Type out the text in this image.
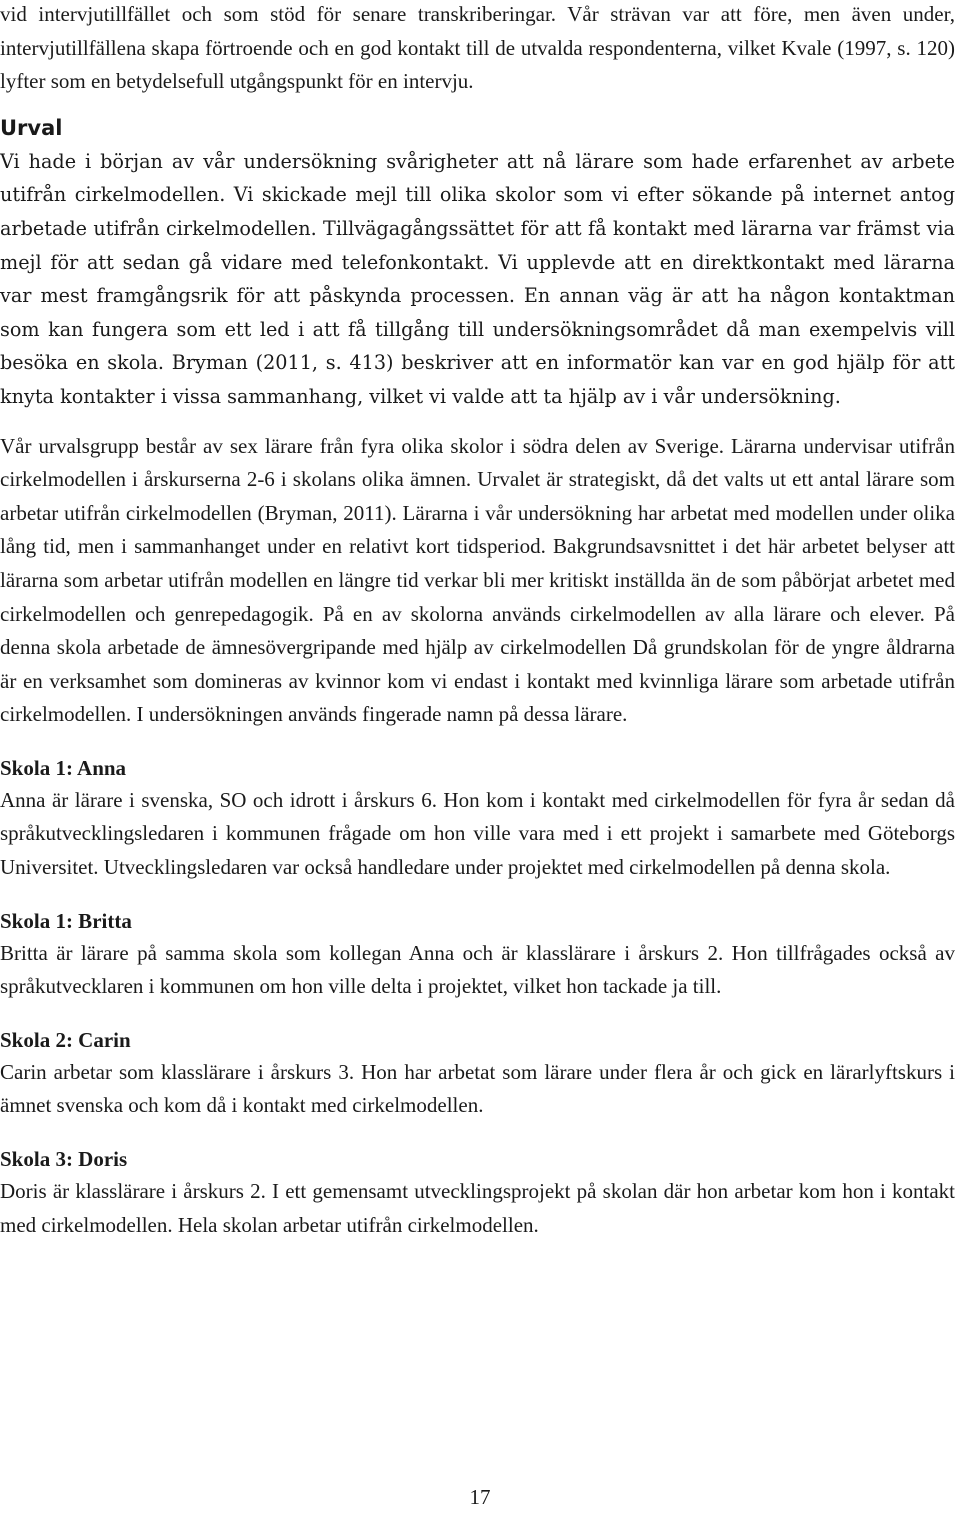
vid intervjutillfället och som stöd för senare transkriberingar. Vår strävan var att före, men även under, intervjutillfällena skapa förtroende och en god kontakt till de utvalda respondenterna, vilket Kvale (1997, s. 120) lyfter som en betydelsefull utgångspunkt för en intervju.

Urval

Vi hade i början av vår undersökning svårigheter att nå lärare som hade erfarenhet av arbete utifrån cirkelmodellen. Vi skickade mejl till olika skolor som vi efter sökande på internet antog arbetade utifrån cirkelmodellen. Tillvägagångssättet för att få kontakt med lärarna var främst via mejl för att sedan gå vidare med telefonkontakt. Vi upplevde att en direktkontakt med lärarna var mest framgångsrik för att påskynda processen. En annan väg är att ha någon kontaktman som kan fungera som ett led i att få tillgång till undersökningsområdet då man exempelvis vill besöka en skola. Bryman (2011, s. 413) beskriver att en informatör kan var en god hjälp för att knyta kontakter i vissa sammanhang, vilket vi valde att ta hjälp av i vår undersökning.

Vår urvalsgrupp består av sex lärare från fyra olika skolor i södra delen av Sverige. Lärarna undervisar utifrån cirkelmodellen i årskurserna 2-6 i skolans olika ämnen. Urvalet är strategiskt, då det valts ut ett antal lärare som arbetar utifrån cirkelmodellen (Bryman, 2011). Lärarna i vår undersökning har arbetat med modellen under olika lång tid, men i sammanhanget under en relativt kort tidsperiod. Bakgrundsavsnittet i det här arbetet belyser att lärarna som arbetar utifrån modellen en längre tid verkar bli mer kritiskt inställda än de som påbörjat arbetet med cirkelmodellen och genrepedagogik. På en av skolorna används cirkelmodellen av alla lärare och elever. På denna skola arbetade de ämnesövergripande med hjälp av cirkelmodellen Då grundskolan för de yngre åldrarna är en verksamhet som domineras av kvinnor kom vi endast i kontakt med kvinnliga lärare som arbetade utifrån cirkelmodellen. I undersökningen används fingerade namn på dessa lärare.

Skola 1: Anna

Anna är lärare i svenska, SO och idrott i årskurs 6. Hon kom i kontakt med cirkelmodellen för fyra år sedan då språkutvecklingsledaren i kommunen frågade om hon ville vara med i ett projekt i samarbete med Göteborgs Universitet. Utvecklingsledaren var också handledare under projektet med cirkelmodellen på denna skola.

Skola 1: Britta

Britta är lärare på samma skola som kollegan Anna och är klasslärare i årskurs 2. Hon tillfrågades också av språkutvecklaren i kommunen om hon ville delta i projektet, vilket hon tackade ja till.

Skola 2: Carin

Carin arbetar som klasslärare i årskurs 3. Hon har arbetat som lärare under flera år och gick en lärarlyftskurs i ämnet svenska och kom då i kontakt med cirkelmodellen.

Skola 3: Doris

Doris är klasslärare i årskurs 2. I ett gemensamt utvecklingsprojekt på skolan där hon arbetar kom hon i kontakt med cirkelmodellen. Hela skolan arbetar utifrån cirkelmodellen.

17
